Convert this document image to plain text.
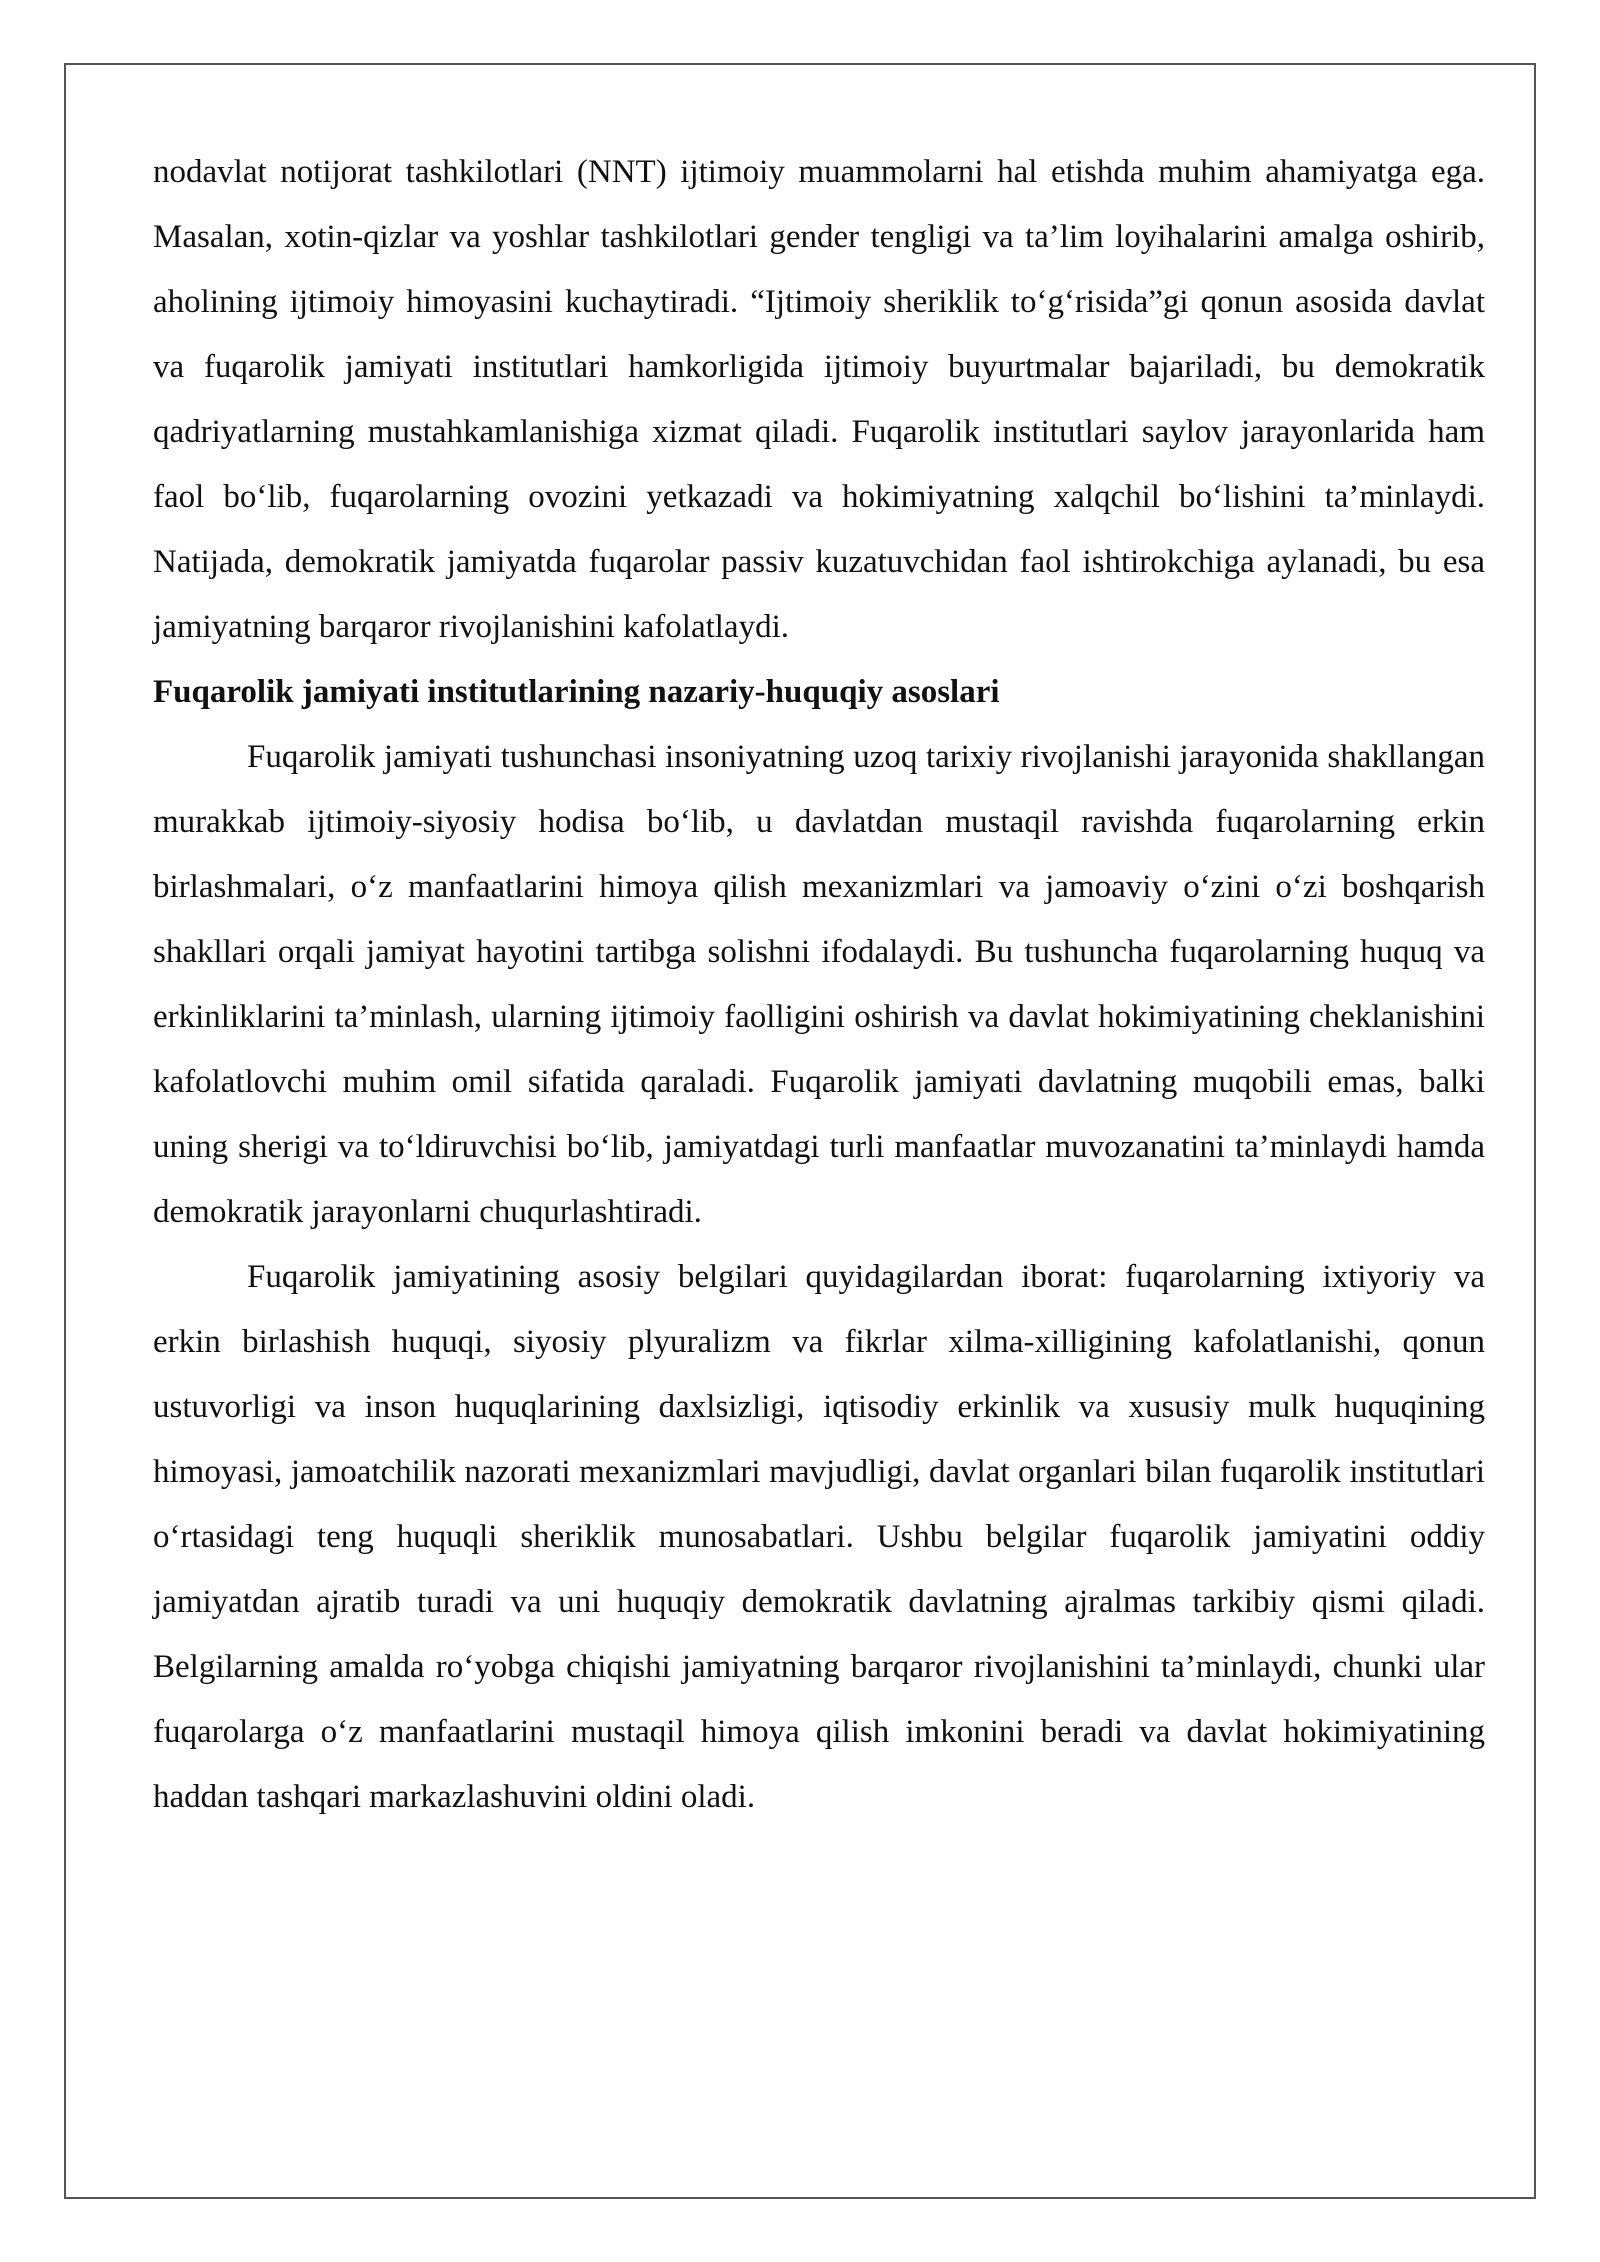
nodavlat notijorat tashkilotlari (NNT) ijtimoiy muammolarni hal etishda muhim ahamiyatga ega. Masalan, xotin-qizlar va yoshlar tashkilotlari gender tengligi va ta’lim loyihalarini amalga oshirib, aholining ijtimoiy himoyasini kuchaytiradi. “Ijtimoiy sheriklik to‘g‘risida”gi qonun asosida davlat va fuqarolik jamiyati institutlari hamkorligida ijtimoiy buyurtmalar bajariladi, bu demokratik qadriyatlarning mustahkamlanishiga xizmat qiladi. Fuqarolik institutlari saylov jarayonlarida ham faol bo‘lib, fuqarolarning ovozini yetkazadi va hokimiyatning xalqchil bo‘lishini ta’minlaydi. Natijada, demokratik jamiyatda fuqarolar passiv kuzatuvchidan faol ishtirokchiga aylanadi, bu esa jamiyatning barqaror rivojlanishini kafolatlaydi.

Fuqarolik jamiyati institutlarining nazariy-huquqiy asoslari

Fuqarolik jamiyati tushunchasi insoniyatning uzoq tarixiy rivojlanishi jarayonida shakllangan murakkab ijtimoiy-siyosiy hodisa bo‘lib, u davlatdan mustaqil ravishda fuqarolarning erkin birlashmalari, o‘z manfaatlarini himoya qilish mexanizmlari va jamoaviy o‘zini o‘zi boshqarish shakllari orqali jamiyat hayotini tartibga solishni ifodalaydi. Bu tushuncha fuqarolarning huquq va erkinliklarini ta’minlash, ularning ijtimoiy faolligini oshirish va davlat hokimiyatining cheklanishini kafolatlovchi muhim omil sifatida qaraladi. Fuqarolik jamiyati davlatning muqobili emas, balki uning sherigi va to‘ldiruvchisi bo‘lib, jamiyatdagi turli manfaatlar muvozanatini ta’minlaydi hamda demokratik jarayonlarni chuqurlashtiradi.

Fuqarolik jamiyatining asosiy belgilari quyidagilardan iborat: fuqarolarning ixtiyoriy va erkin birlashish huquqi, siyosiy plyuralizm va fikrlar xilma-xilligining kafolatlanishi, qonun ustuvorligi va inson huquqlarining daxlsizligi, iqtisodiy erkinlik va xususiy mulk huquqining himoyasi, jamoatchilik nazorati mexanizmlari mavjudligi, davlat organlari bilan fuqarolik institutlari o‘rtasidagi teng huquqli sheriklik munosabatlari. Ushbu belgilar fuqarolik jamiyatini oddiy jamiyatdan ajratib turadi va uni huquqiy demokratik davlatning ajralmas tarkibiy qismi qiladi. Belgilarning amalda ro‘yobga chiqishi jamiyatning barqaror rivojlanishini ta’minlaydi, chunki ular fuqarolarga o‘z manfaatlarini mustaqil himoya qilish imkonini beradi va davlat hokimiyatining haddan tashqari markazlashuvini oldini oladi.
